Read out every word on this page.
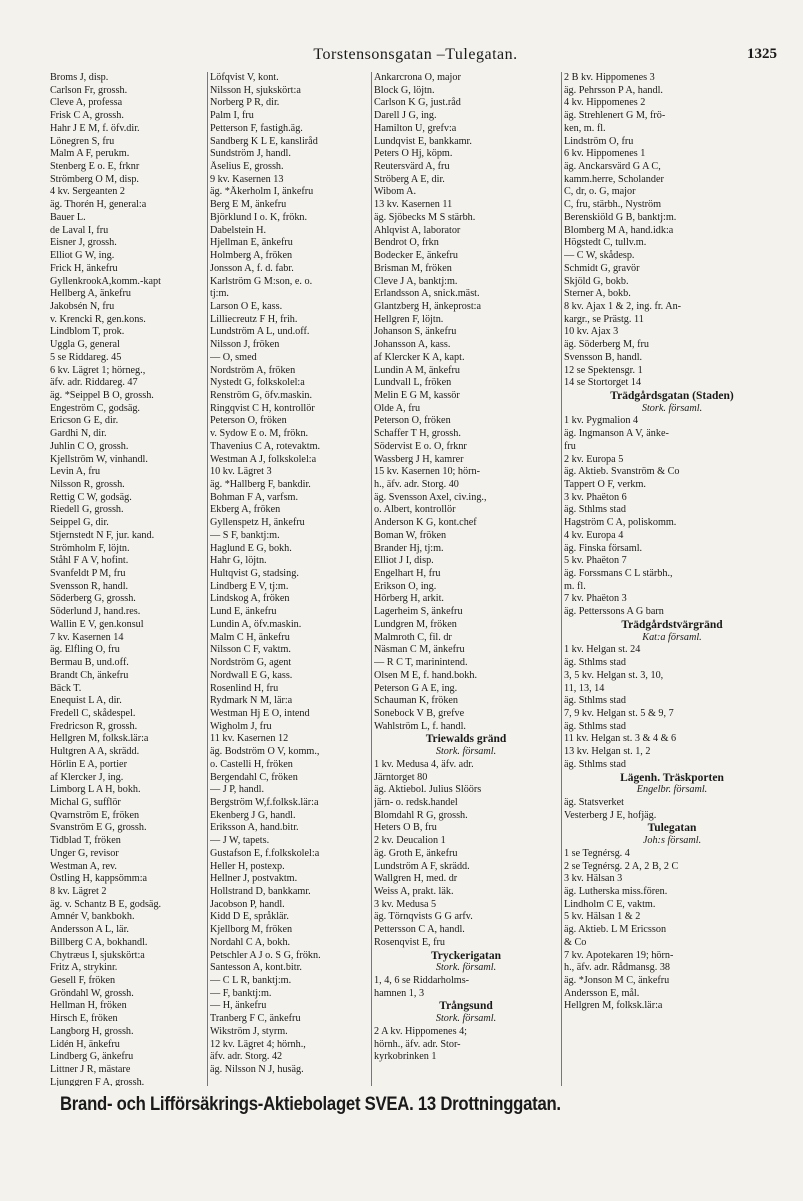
Torstensonsgatan –Tulegatan.	1325
Broms J, disp.
Carlson Fr, grossh.
Cleve A, professa
Frisk C A, grossh.
Hahr J E M, f. öfv.dir.
Lönegren S, fru
Malm A F, perukm.
Stenberg E o. E, frknr
Strömberg O M, disp.
4 kv. Sergeanten 2
äg. Thorén H, general:a
Bauer L.
de Laval I, fru
Eisner J, grossh.
Elliot G W, ing.
Frick H, änkefru
GyllenkrookA,komm.-kapt
Hellberg A, änkefru
Jakobsén N, fru
v. Krencki R, gen.kons.
Lindblom T, prok.
Uggla G, general
5 se Riddareg. 45
6 kv. Lägret 1; hörneg.,
äfv. adr. Riddareg. 47
äg. *Seippel B O, grossh.
Engeström C, godsäg.
Ericson G E, dir.
Gardhi N, dir.
Juhlin C O, grossh.
Kjellström W, vinhandl.
Levin A, fru
Nilsson R, grossh.
Rettig C W, godsäg.
Riedell G, grossh.
Seippel G, dir.
Stjernstedt N F, jur. kand.
Strömholm F, löjtn.
Ståhl F A V, hofint.
Svanfeldt P M, fru
Svensson R, handl.
Söderberg G, grossh.
Söderlund J, hand.res.
Wallin E V, gen.konsul
7 kv. Kasernen 14
äg. Elfling O, fru
Bermau B, und.off.
Brandt Ch, änkefru
Bäck T.
Enequist L A, dir.
Fredell C, skådespel.
Fredricson R, grossh.
Hellgren M, folksk.lär:a
Hultgren A A, skrädd.
Hörlin E A, portier
af Klercker J, ing.
Limborg L A H, bokh.
Michal G, sufflör
Qvarnström E, fröken
Svanström E G, grossh.
Tidblad T, fröken
Unger G, revisor
Westman A, rev.
Östling H, kappsömm:a
8 kv. Lägret 2
äg. v. Schantz B E, godsäg.
Amnér V, bankbokh.
Andersson A L, lär.
Billberg C A, bokhandl.
Chytræus I, sjukskört:a
Fritz A, strykinr.
Gesell F, fröken
Gröndahl W, grossh.
Hellman H, fröken
Hirsch E, fröken
Langborg H, grossh.
Lidén H, änkefru
Lindberg G, änkefru
Littner J R, mästare
Ljunggren F A, grossh.
Löfqvist V, kont.
Nilsson H, sjukskört:a
Norberg P R, dir.
Palm I, fru
Petterson F, fastigh.äg.
Sandberg K L E, kansliråd
Sundström J, handl.
Åselius E, grossh.
9 kv. Kasernen 13
äg. *Åkerholm I, änkefru
Berg E M, änkefru
Björklund I o. K, frökn.
Dabelstein H.
Hjellman E, änkefru
Holmberg A, fröken
Jonsson A, f. d. fabr.
Karlström G M:son, e. o.
tj:m.
Larson O E, kass.
Lilliecreutz F H, frih.
Lundström A L, und.off.
Nilsson J, fröken
— O, smed
Nordström A, fröken
Nystedt G, folkskolel:a
Renström G, öfv.maskin.
Ringqvist C H, kontrollör
Peterson O, fröken
v. Sydow E o. M, frökn.
Thavenius C A, rotevaktm.
Westman A J, folkskolel:a
10 kv. Lägret 3
äg. *Hallberg F, bankdir.
Bohman F A, varfsm.
Ekberg A, fröken
Gyllenspetz H, änkefru
— S F, banktj:m.
Haglund E G, bokh.
Hahr G, löjtn.
Hultqvist G, stadsing.
Lindberg E V, tj:m.
Lindskog A, fröken
Lund E, änkefru
Lundin A, öfv.maskin.
Malm C H, änkefru
Nilsson C F, vaktm.
Nordström G, agent
Nordwall E G, kass.
Rosenlind H, fru
Rydmark N M, lär:a
Westman Hj E O, intend
Wigholm J, fru
11 kv. Kasernen 12
äg. Bodström O V, komm.,
o. Castelli H, fröken
Bergendahl C, fröken
— J P, handl.
Bergström W,f.folksk.lär:a
Ekenberg J G, handl.
Eriksson A, hand.bitr.
— J W, tapets.
Gustafson E, f.folkskolel:a
Heller H, postexp.
Hellner J, postvaktm.
Hollstrand D, bankkamr.
Jacobson P, handl.
Kidd D E, språklär.
Kjellborg M, fröken
Nordahl C A, bokh.
Petschler A J o. S G, frökn.
Santesson A, kont.bitr.
— C L R, banktj:m.
— F, banktj:m.
— H, änkefru
Tranberg F C, änkefru
Wikström J, styrm.
12 kv. Lägret 4; hörnh.,
äfv. adr. Storg. 42
äg. Nilsson N J, husäg.
Ankarcrona O, major
Block G, löjtn.
Carlson K G, just.råd
Darell J G, ing.
Hamilton U, grefv:a
Lundqvist E, bankkamr.
Peters O Hj, köpm.
Reutersvärd A, fru
Ströberg A E, dir.
Wibom A.
13 kv. Kasernen 11
äg. Sjöbecks M S stärbh.
Ahlqvist A, laborator
Bendrot O, frkn
Bodecker E, änkefru
Brisman M, fröken
Cleve J A, banktj:m.
Erlandsson A, snick.mäst.
Glantzberg H, änkeprost:a
Hellgren F, löjtn.
Johanson S, änkefru
Johansson A, kass.
af Klercker K A, kapt.
Lundin A M, änkefru
Lundvall L, fröken
Melin E G M, kassör
Olde A, fru
Peterson O, fröken
Schaffer T H, grossh.
Södervist E o. O, frknr
Wassberg J H, kamrer
15 kv. Kasernen 10; hörn-
h., äfv. adr. Storg. 40
äg. Svensson Axel, civ.ing.,
o. Albert, kontrollör
Anderson K G, kont.chef
Boman W, fröken
Brander Hj, tj:m.
Elliot J I, disp.
Engelhart H, fru
Erikson O, ing.
Hörberg H, arkit.
Lagerheim S, änkefru
Lundgren M, fröken
Malmroth C, fil. dr
Näsman C M, änkefru
— R C T, marinintend.
Olsen M E, f. hand.bokh.
Peterson G A E, ing.
Schauman K, fröken
Sonebock V B, grefve
Wahlström L, f. handl.
Triewalds gränd
Stork. församl.
1 kv. Medusa 4, äfv. adr.
Järntorget 80
äg. Aktiebol. Julius Slöörs
järn- o. redsk.handel
Blomdahl R G, grossh.
Heters O B, fru
2 kv. Deucalion 1
äg. Groth E, änkefru
Lundström A F, skrädd.
Wallgren H, med. dr
Weiss A, prakt. läk.
3 kv. Medusa 5
äg. Törnqvists G G arfv.
Pettersson C A, handl.
Rosenqvist E, fru
Tryckerigatan
Stork. församl.
1, 4, 6 se Riddarholms-
hamnen 1, 3
Trångsund
Stork. församl.
2 A kv. Hippomenes 4;
hörnh., äfv. adr. Stor-
kyrkobrinken 1
2 B kv. Hippomenes 3
äg. Pehrsson P A, handl.
4 kv. Hippomenes 2
äg. Strehlenert G M, frö-
ken, m. fl.
Lindström O, fru
6 kv. Hippomenes 1
äg. Anckarsvärd G A C,
kamm.herre, Scholander
C, dr, o. G, major
C, fru, stärbh., Nyström
Berenskiöld G B, banktj:m.
Blomberg M A, hand.idk:a
Högstedt C, tullv.m.
— C W, skådesp.
Schmidt G, gravör
Skjöld G, bokb.
Sterner A, bokb.
8 kv. Ajax 1 & 2, ing. fr. An-
kargr., se Prästg. 11
10 kv. Ajax 3
äg. Söderberg M, fru
Svensson B, handl.
12 se Spektensgr. 1
14 se Stortorget 14
Trädgårdsgatan (Staden)
Stork. församl.
1 kv. Pygmalion 4
äg. Ingmanson A V, änke-
fru
2 kv. Europa 5
äg. Aktieb. Svanström & Co
Tappert O F, verkm.
3 kv. Phaëton 6
äg. Sthlms stad
Hagström C A, poliskomm.
4 kv. Europa 4
äg. Finska församl.
5 kv. Phaëton 7
äg. Forssmans C L stärbh.,
m. fl.
7 kv. Phaëton 3
äg. Petterssons A G barn
Trädgårdstvärgränd
Kat:a församl.
1 kv. Helgan st. 24
äg. Sthlms stad
3, 5 kv. Helgan st. 3, 10,
11, 13, 14
äg. Sthlms stad
7, 9 kv. Helgan st. 5 & 9, 7
äg. Sthlms stad
11 kv. Helgan st. 3 & 4 & 6
13 kv. Helgan st. 1, 2
äg. Sthlms stad
Lägenh. Träskporten
Engelbr. församl.
äg. Statsverket
Vesterberg J E, hofjäg.
Tulegatan
Joh:s församl.
1 se Tegnérsg. 4
2 se Tegnérsg. 2 A, 2 B, 2 C
3 kv. Hälsan 3
äg. Lutherska miss.fören.
Lindholm C E, vaktm.
5 kv. Hälsan 1 & 2
äg. Aktieb. L M Ericsson
& Co
7 kv. Apotekaren 19; hörn-
h., äfv. adr. Rådmansg. 38
äg. *Jonson M C, änkefru
Andersson E, mål.
Hellgren M, folksk.lär:a
Brand- och Lifförsäkrings-Aktiebolaget SVEA. 13 Drottninggatan.
